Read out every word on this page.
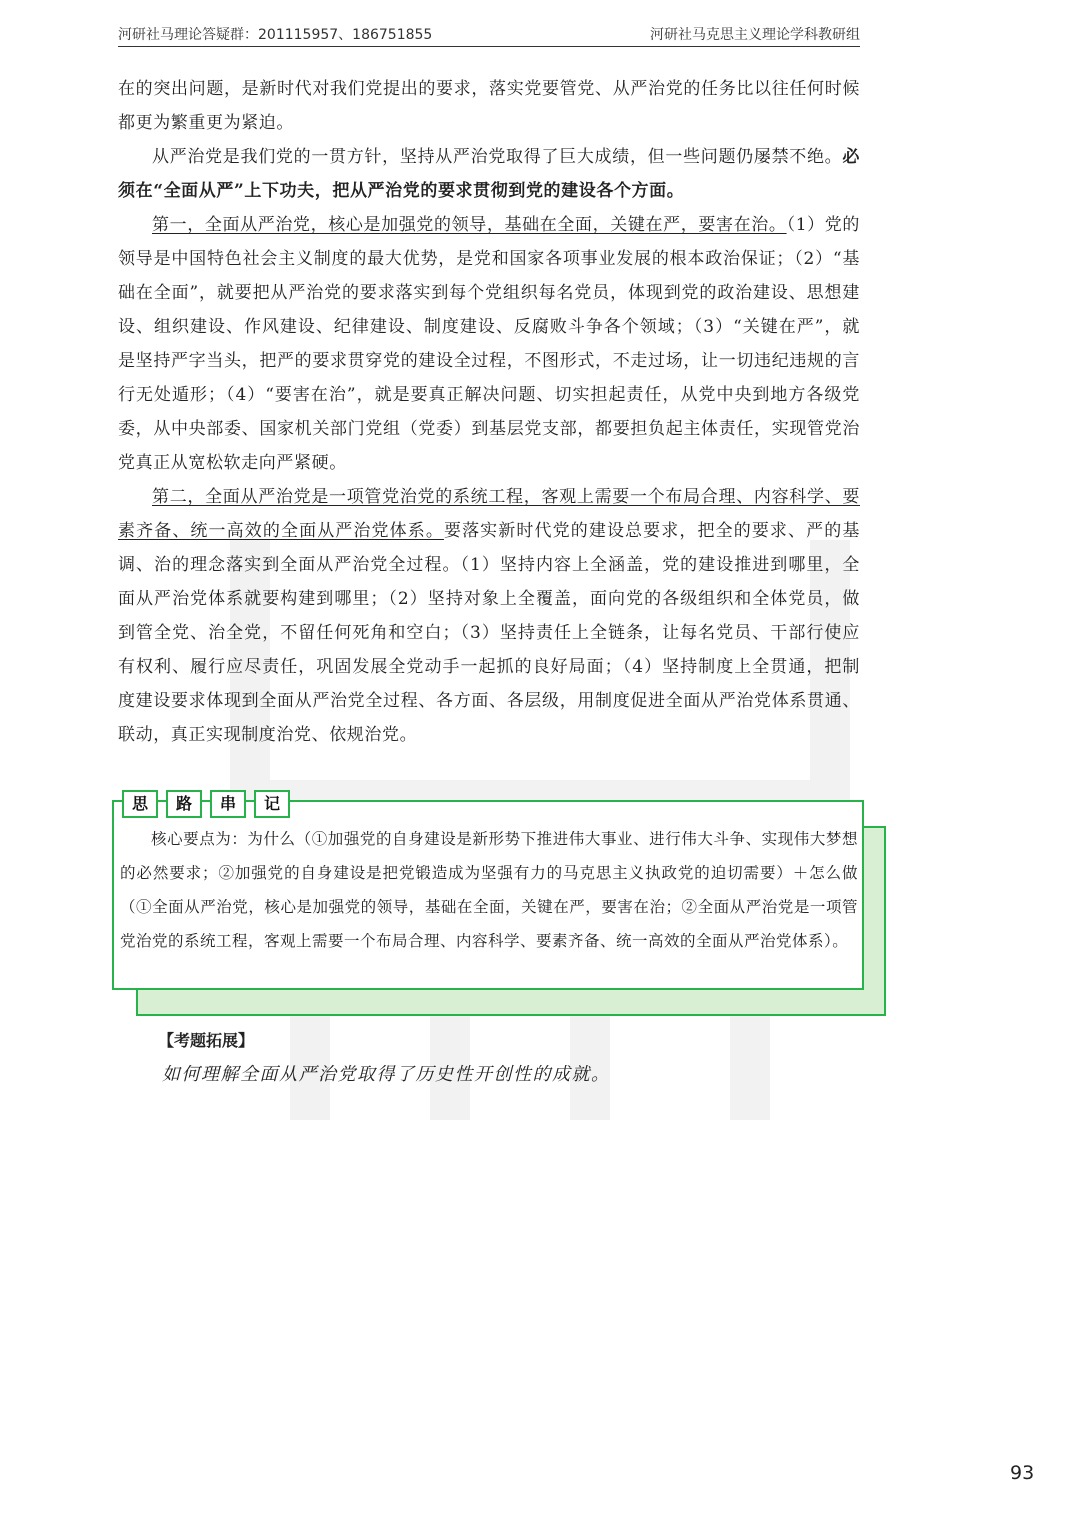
河研社马理论答疑群：201115957、186751855	河研社马克思主义理论学科教研组

在的突出问题，是新时代对我们党提出的要求，落实党要管党、从严治党的任务比以往任何时候都更为繁重更为紧迫。

从严治党是我们党的一贯方针，坚持从严治党取得了巨大成绩，但一些问题仍屡禁不绝。必须在“全面从严”上下功夫，把从严治党的要求贯彻到党的建设各个方面。

第一，全面从严治党，核心是加强党的领导，基础在全面，关键在严，要害在治。（1）党的领导是中国特色社会主义制度的最大优势，是党和国家各项事业发展的根本政治保证；（2）“基础在全面”，就要把从严治党的要求落实到每个党组织每名党员，体现到党的政治建设、思想建设、组织建设、作风建设、纪律建设、制度建设、反腐败斗争各个领域；（3）“关键在严”，就是坚持严字当头，把严的要求贯穿党的建设全过程，不图形式，不走过场，让一切违纪违规的言行无处遁形；（4）“要害在治”，就是要真正解决问题、切实担起责任，从党中央到地方各级党委，从中央部委、国家机关部门党组（党委）到基层党支部，都要担负起主体责任，实现管党治党真正从宽松软走向严紧硬。

第二，全面从严治党是一项管党治党的系统工程，客观上需要一个布局合理、内容科学、要素齐备、统一高效的全面从严治党体系。要落实新时代党的建设总要求，把全的要求、严的基调、治的理念落实到全面从严治党全过程。（1）坚持内容上全涵盖，党的建设推进到哪里，全面从严治党体系就要构建到哪里；（2）坚持对象上全覆盖，面向党的各级组织和全体党员，做到管全党、治全党，不留任何死角和空白；（3）坚持责任上全链条，让每名党员、干部行使应有权利、履行应尽责任，巩固发展全党动手一起抓的良好局面；（4）坚持制度上全贯通，把制度建设要求体现到全面从严治党全过程、各方面、各层级，用制度促进全面从严治党体系贯通、联动，真正实现制度治党、依规治党。

思	路	串	记

核心要点为：为什么（①加强党的自身建设是新形势下推进伟大事业、进行伟大斗争、实现伟大梦想的必然要求；②加强党的自身建设是把党锻造成为坚强有力的马克思主义执政党的迫切需要）＋怎么做（①全面从严治党，核心是加强党的领导，基础在全面，关键在严，要害在治；②全面从严治党是一项管党治党的系统工程，客观上需要一个布局合理、内容科学、要素齐备、统一高效的全面从严治党体系）。

【考题拓展】
如何理解全面从严治党取得了历史性开创性的成就。
93
